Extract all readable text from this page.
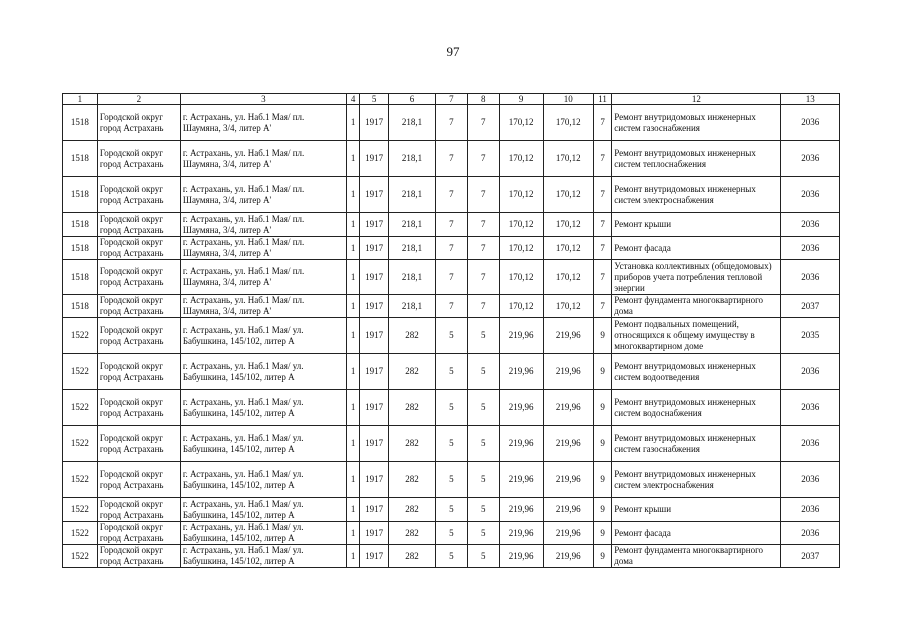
97
1	2	3	4	5	6	7	8	9	10	11	12	13
1518	Городской округ город Астрахань	г. Астрахань, ул. Наб.1 Мая/ пл. Шаумяна, 3/4, литер А'	1	1917	218,1	7	7	170,12	170,12	7	Ремонт внутридомовых инженерных систем газоснабжения	2036
1518	Городской округ город Астрахань	г. Астрахань, ул. Наб.1 Мая/ пл. Шаумяна, 3/4, литер А'	1	1917	218,1	7	7	170,12	170,12	7	Ремонт внутридомовых инженерных систем теплоснабжения	2036
1518	Городской округ город Астрахань	г. Астрахань, ул. Наб.1 Мая/ пл. Шаумяна, 3/4, литер А'	1	1917	218,1	7	7	170,12	170,12	7	Ремонт внутридомовых инженерных систем электроснабжения	2036
1518	Городской округ город Астрахань	г. Астрахань, ул. Наб.1 Мая/ пл. Шаумяна, 3/4, литер А'	1	1917	218,1	7	7	170,12	170,12	7	Ремонт крыши	2036
1518	Городской округ город Астрахань	г. Астрахань, ул. Наб.1 Мая/ пл. Шаумяна, 3/4, литер А'	1	1917	218,1	7	7	170,12	170,12	7	Ремонт фасада	2036
1518	Городской округ город Астрахань	г. Астрахань, ул. Наб.1 Мая/ пл. Шаумяна, 3/4, литер А'	1	1917	218,1	7	7	170,12	170,12	7	Установка коллективных (общедомовых) приборов учета потребления тепловой энергии	2036
1518	Городской округ город Астрахань	г. Астрахань, ул. Наб.1 Мая/ пл. Шаумяна, 3/4, литер А'	1	1917	218,1	7	7	170,12	170,12	7	Ремонт фундамента многоквартирного дома	2037
1522	Городской округ город Астрахань	г. Астрахань, ул. Наб.1 Мая/ ул. Бабушкина, 145/102, литер А	1	1917	282	5	5	219,96	219,96	9	Ремонт подвальных помещений, относящихся к общему имуществу в многоквартирном доме	2035
1522	Городской округ город Астрахань	г. Астрахань, ул. Наб.1 Мая/ ул. Бабушкина, 145/102, литер А	1	1917	282	5	5	219,96	219,96	9	Ремонт внутридомовых инженерных систем водоотведения	2036
1522	Городской округ город Астрахань	г. Астрахань, ул. Наб.1 Мая/ ул. Бабушкина, 145/102, литер А	1	1917	282	5	5	219,96	219,96	9	Ремонт внутридомовых инженерных систем водоснабжения	2036
1522	Городской округ город Астрахань	г. Астрахань, ул. Наб.1 Мая/ ул. Бабушкина, 145/102, литер А	1	1917	282	5	5	219,96	219,96	9	Ремонт внутридомовых инженерных систем газоснабжения	2036
1522	Городской округ город Астрахань	г. Астрахань, ул. Наб.1 Мая/ ул. Бабушкина, 145/102, литер А	1	1917	282	5	5	219,96	219,96	9	Ремонт внутридомовых инженерных систем электроснабжения	2036
1522	Городской округ город Астрахань	г. Астрахань, ул. Наб.1 Мая/ ул. Бабушкина, 145/102, литер А	1	1917	282	5	5	219,96	219,96	9	Ремонт крыши	2036
1522	Городской округ город Астрахань	г. Астрахань, ул. Наб.1 Мая/ ул. Бабушкина, 145/102, литер А	1	1917	282	5	5	219,96	219,96	9	Ремонт фасада	2036
1522	Городской округ город Астрахань	г. Астрахань, ул. Наб.1 Мая/ ул. Бабушкина, 145/102, литер А	1	1917	282	5	5	219,96	219,96	9	Ремонт фундамента многоквартирного дома	2037
